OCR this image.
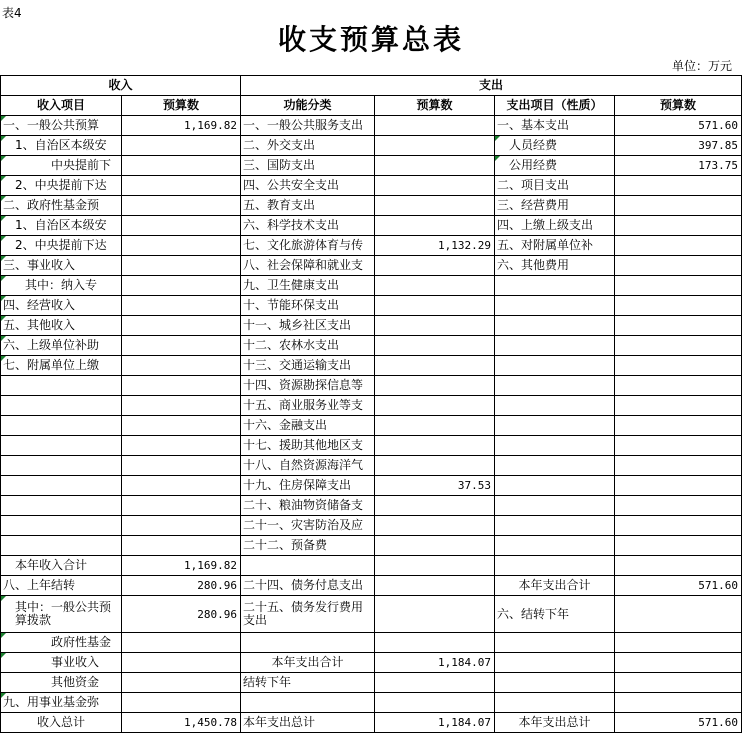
表4
收支预算总表
单位：万元
收入		支出			
收入项目	预算数	功能分类	预算数	支出项目（性质）	预算数
一、一般公共预算	1,169.82	一、一般公共服务支出		一、基本支出	571.60
1、自治区本级安		二、外交支出		人员经费	397.85
中央提前下		三、国防支出		公用经费	173.75
2、中央提前下达		四、公共安全支出		二、项目支出	
二、政府性基金预		五、教育支出		三、经营费用	
1、自治区本级安		六、科学技术支出		四、上缴上级支出	
2、中央提前下达		七、文化旅游体育与传	1,132.29	五、对附属单位补	
三、事业收入		八、社会保障和就业支		六、其他费用	
其中：纳入专		九、卫生健康支出			
四、经营收入		十、节能环保支出			
五、其他收入		十一、城乡社区支出			
六、上级单位补助		十二、农林水支出			
七、附属单位上缴		十三、交通运输支出			
		十四、资源勘探信息等			
		十五、商业服务业等支			
		十六、金融支出			
		十七、援助其他地区支			
		十八、自然资源海洋气			
		十九、住房保障支出	37.53		
		二十、粮油物资储备支			
		二十一、灾害防治及应			
		二十二、预备费			
本年收入合计	1,169.82				
八、上年结转	280.96	二十四、债务付息支出		本年支出合计	571.60
其中：一般公共预算拨款	280.96	二十五、债务发行费用支出		六、结转下年	
政府性基金					
事业收入		本年支出合计	1,184.07		
其他资金		结转下年			
九、用事业基金弥					
收入总计	1,450.78	本年支出总计	1,184.07	本年支出总计	571.60
